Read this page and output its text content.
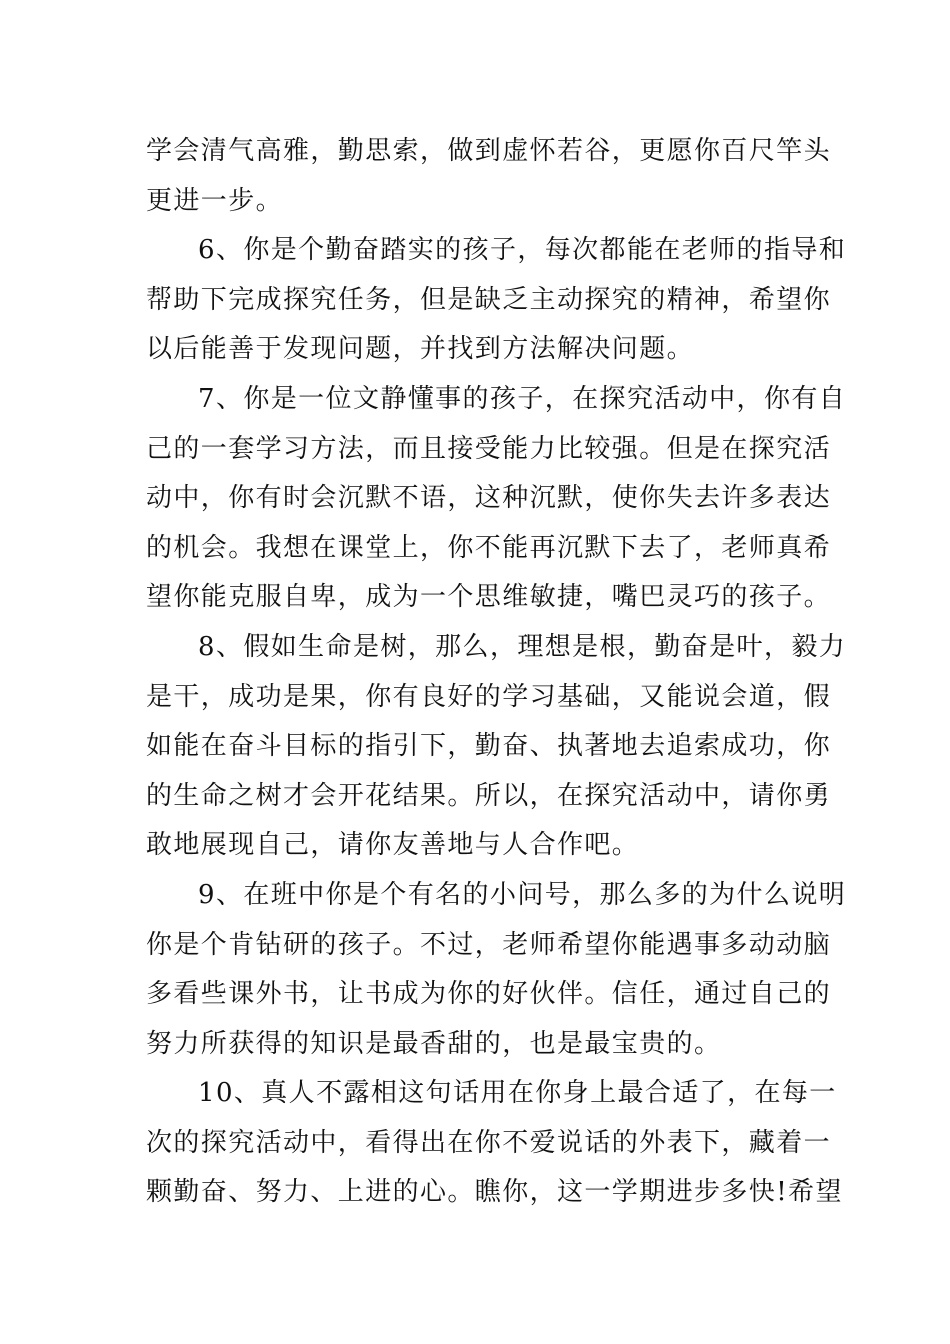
学会清气高雅，勤思索，做到虚怀若谷，更愿你百尺竿头
更进一步。
6、你是个勤奋踏实的孩子，每次都能在老师的指导和
帮助下完成探究任务，但是缺乏主动探究的精神，希望你
以后能善于发现问题，并找到方法解决问题。
7、你是一位文静懂事的孩子，在探究活动中，你有自
己的一套学习方法，而且接受能力比较强。但是在探究活
动中，你有时会沉默不语，这种沉默，使你失去许多表达
的机会。我想在课堂上，你不能再沉默下去了，老师真希
望你能克服自卑，成为一个思维敏捷，嘴巴灵巧的孩子。
8、假如生命是树，那么，理想是根，勤奋是叶，毅力
是干，成功是果，你有良好的学习基础，又能说会道，假
如能在奋斗目标的指引下，勤奋、执著地去追索成功，你
的生命之树才会开花结果。所以，在探究活动中，请你勇
敢地展现自己，请你友善地与人合作吧。
9、在班中你是个有名的小问号，那么多的为什么说明
你是个肯钻研的孩子。不过，老师希望你能遇事多动动脑
多看些课外书，让书成为你的好伙伴。信任，通过自己的
努力所获得的知识是最香甜的，也是最宝贵的。
10、真人不露相这句话用在你身上最合适了，在每一
次的探究活动中，看得出在你不爱说话的外表下，藏着一
颗勤奋、努力、上进的心。瞧你，这一学期进步多快!希望
